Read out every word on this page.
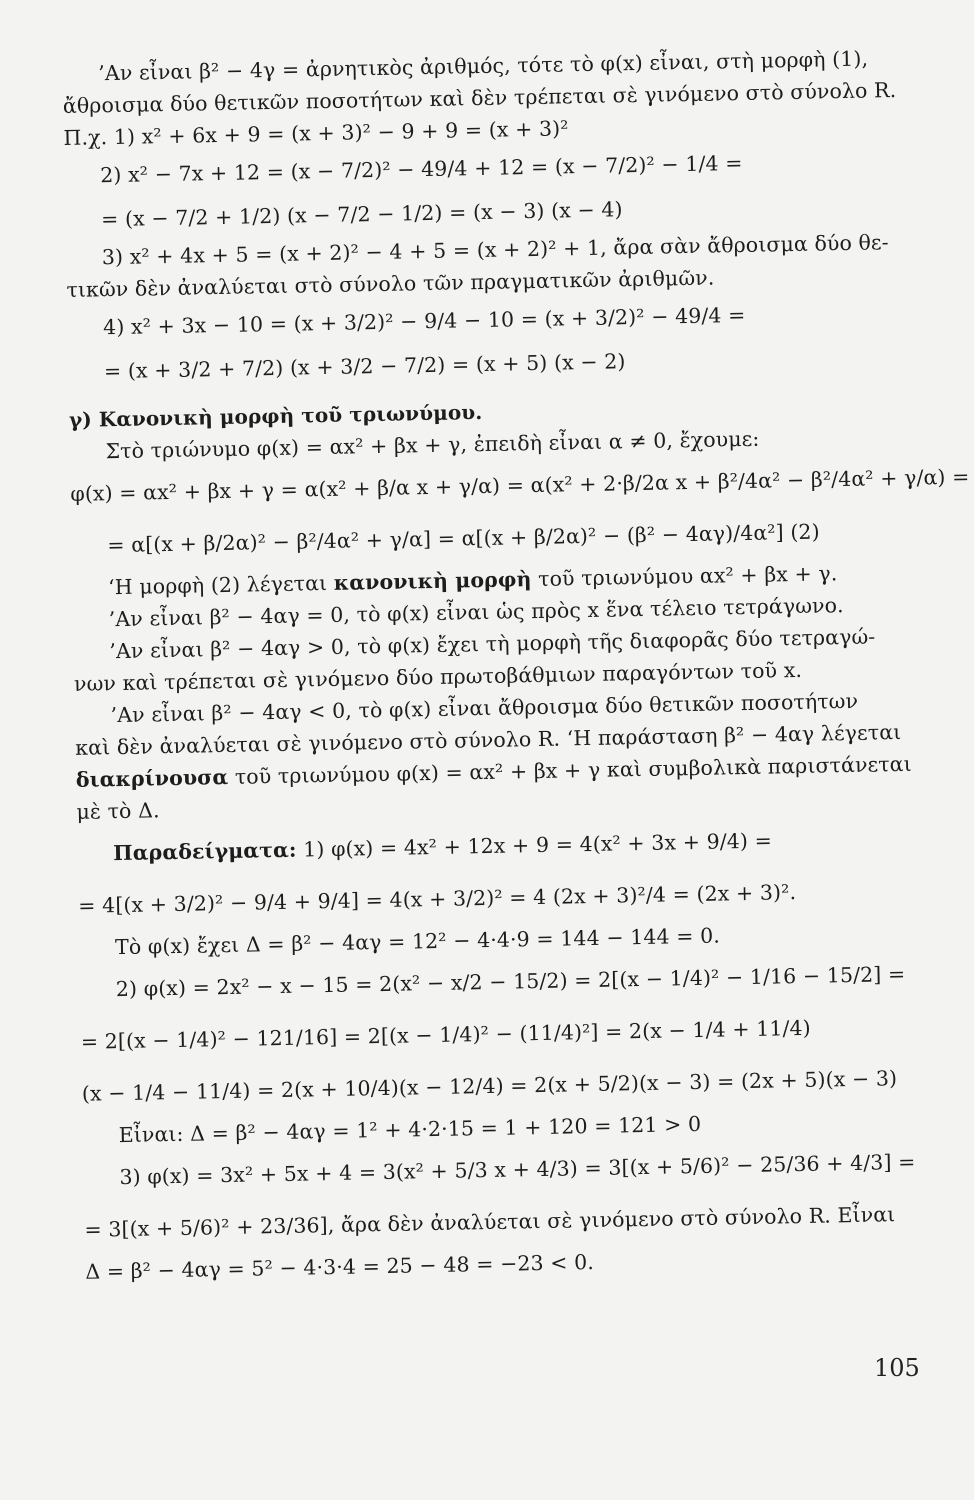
’Αν εἶναι β² − 4γ = ἀρνητικὸς ἀριθμός, τότε τὸ φ(x) εἶναι, στὴ μορφὴ (1),
ἄθροισμα δύο θετικῶν ποσοτήτων καὶ δὲν τρέπεται σὲ γινόμενο στὸ σύνολο R.
Π.χ. 1) x² + 6x + 9 = (x + 3)² − 9 + 9 = (x + 3)²
2) x² − 7x + 12 = (x − 7/2)² − 49/4 + 12 = (x − 7/2)² − 1/4 =
= (x − 7/2 + 1/2) (x − 7/2 − 1/2) = (x − 3) (x − 4)
3) x² + 4x + 5 = (x + 2)² − 4 + 5 = (x + 2)² + 1, ἄρα σὰν ἄθροισμα δύο θε-
τικῶν δὲν ἀναλύεται στὸ σύνολο τῶν πραγματικῶν ἀριθμῶν.
4) x² + 3x − 10 = (x + 3/2)² − 9/4 − 10 = (x + 3/2)² − 49/4 =
= (x + 3/2 + 7/2) (x + 3/2 − 7/2) = (x + 5) (x − 2)
γ) Κανονικὴ μορφὴ τοῦ τριωνύμου.
Στὸ τριώνυμο φ(x) = αx² + βx + γ, ἐπειδὴ εἶναι α ≠ 0, ἔχουμε:
φ(x) = αx² + βx + γ = α(x² + β/α x + γ/α) = α(x² + 2·β/2α x + β²/4α² − β²/4α² + γ/α) =
= α[(x + β/2α)² − β²/4α² + γ/α] = α[(x + β/2α)² − (β² − 4αγ)/4α²] (2)
‘Η μορφὴ (2) λέγεται κανονικὴ μορφὴ τοῦ τριωνύμου αx² + βx + γ.
’Αν εἶναι β² − 4αγ = 0, τὸ φ(x) εἶναι ὡς πρὸς x ἕνα τέλειο τετράγωνο.
’Αν εἶναι β² − 4αγ > 0, τὸ φ(x) ἔχει τὴ μορφὴ τῆς διαφορᾶς δύο τετραγώ-
νων καὶ τρέπεται σὲ γινόμενο δύο πρωτοβάθμιων παραγόντων τοῦ x.
’Αν εἶναι β² − 4αγ < 0, τὸ φ(x) εἶναι ἄθροισμα δύο θετικῶν ποσοτήτων
καὶ δὲν ἀναλύεται σὲ γινόμενο στὸ σύνολο R. ‘Η παράσταση β² − 4αγ λέγεται
διακρίνουσα τοῦ τριωνύμου φ(x) = αx² + βx + γ καὶ συμβολικὰ παριστάνεται
μὲ τὸ Δ.
Παραδείγματα: 1) φ(x) = 4x² + 12x + 9 = 4(x² + 3x + 9/4) =
= 4[(x + 3/2)² − 9/4 + 9/4] = 4(x + 3/2)² = 4 (2x + 3)²/4 = (2x + 3)².
Τὸ φ(x) ἔχει Δ = β² − 4αγ = 12² − 4·4·9 = 144 − 144 = 0.
2) φ(x) = 2x² − x − 15 = 2(x² − x/2 − 15/2) = 2[(x − 1/4)² − 1/16 − 15/2] =
= 2[(x − 1/4)² − 121/16] = 2[(x − 1/4)² − (11/4)²] = 2(x − 1/4 + 11/4)
(x − 1/4 − 11/4) = 2(x + 10/4)(x − 12/4) = 2(x + 5/2)(x − 3) = (2x + 5)(x − 3)
Εἶναι: Δ = β² − 4αγ = 1² + 4·2·15 = 1 + 120 = 121 > 0
3) φ(x) = 3x² + 5x + 4 = 3(x² + 5/3 x + 4/3) = 3[(x + 5/6)² − 25/36 + 4/3] =
= 3[(x + 5/6)² + 23/36], ἄρα δὲν ἀναλύεται σὲ γινόμενο στὸ σύνολο R. Εἶναι
Δ = β² − 4αγ = 5² − 4·3·4 = 25 − 48 = −23 < 0.
105
